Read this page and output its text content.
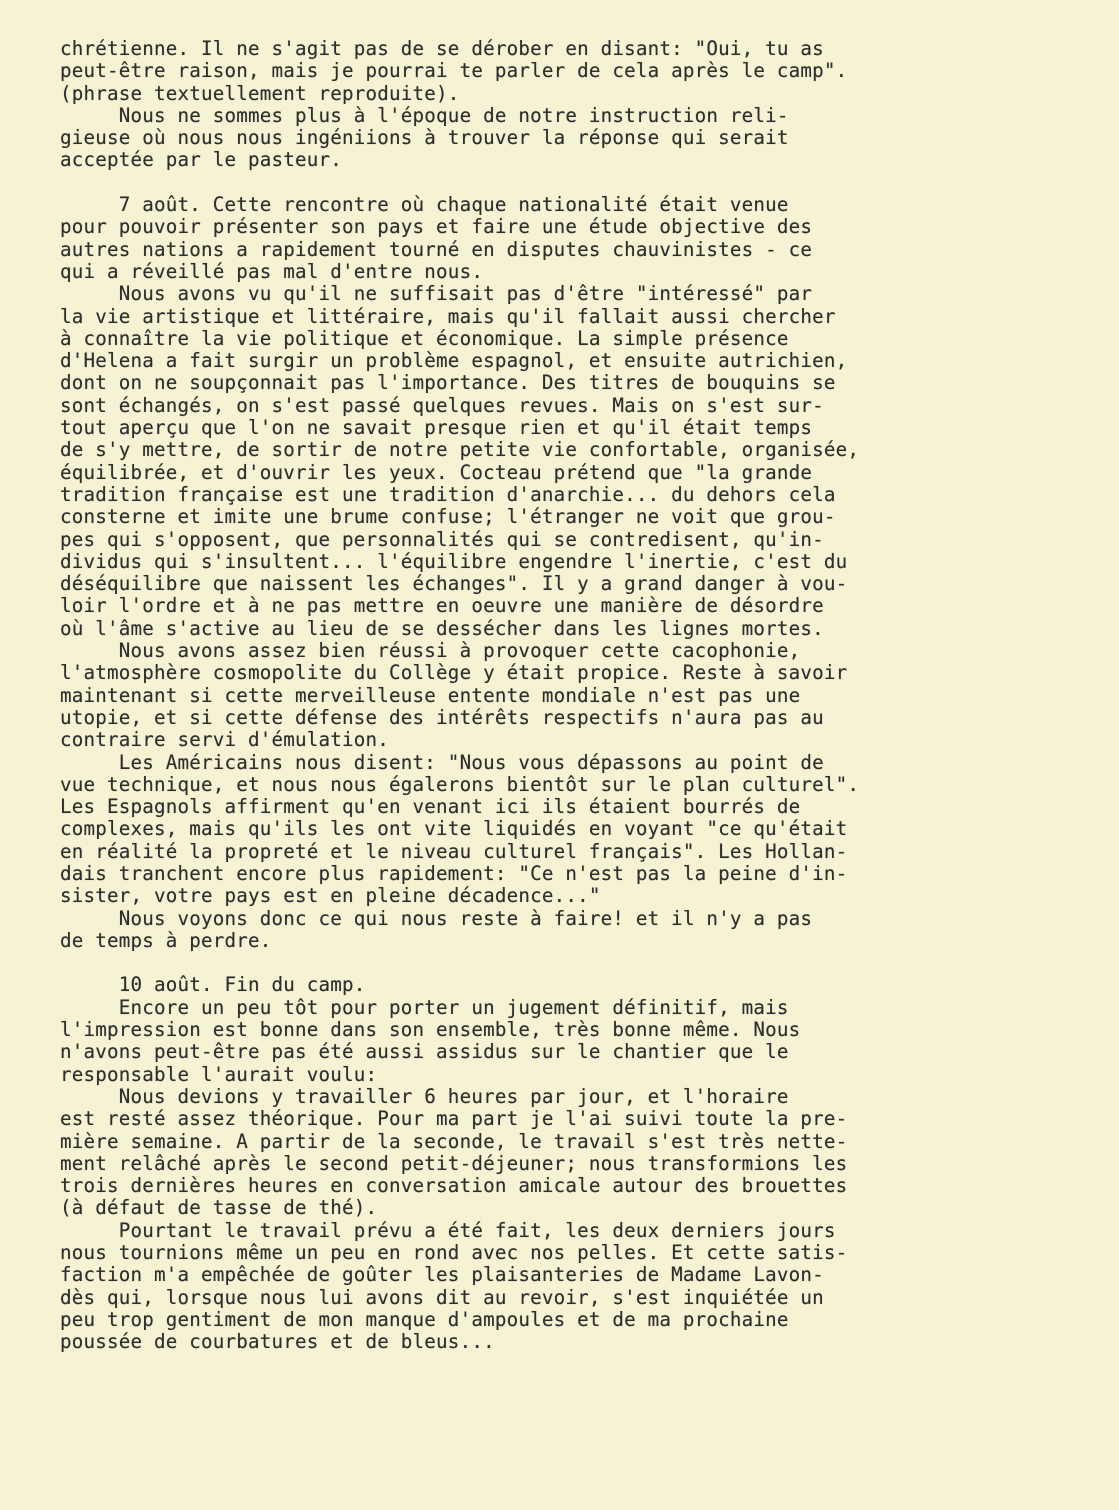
chrétienne. Il ne s'agit pas de se dérober en disant: "Oui, tu as
peut-être raison, mais je pourrai te parler de cela après le camp".
(phrase textuellement reproduite).
Nous ne sommes plus à l'époque de notre instruction reli-
gieuse où nous nous ingéniions à trouver la réponse qui serait
acceptée par le pasteur.

7 août. Cette rencontre où chaque nationalité était venue
pour pouvoir présenter son pays et faire une étude objective des
autres nations a rapidement tourné en disputes chauvinistes - ce
qui a réveillé pas mal d'entre nous.
Nous avons vu qu'il ne suffisait pas d'être "intéressé" par
la vie artistique et littéraire, mais qu'il fallait aussi chercher
à connaître la vie politique et économique. La simple présence
d'Helena a fait surgir un problème espagnol, et ensuite autrichien,
dont on ne soupçonnait pas l'importance. Des titres de bouquins se
sont échangés, on s'est passé quelques revues. Mais on s'est sur-
tout aperçu que l'on ne savait presque rien et qu'il était temps
de s'y mettre, de sortir de notre petite vie confortable, organisée,
équilibrée, et d'ouvrir les yeux. Cocteau prétend que "la grande
tradition française est une tradition d'anarchie... du dehors cela
consterne et imite une brume confuse; l'étranger ne voit que grou-
pes qui s'opposent, que personnalités qui se contredisent, qu'in-
dividus qui s'insultent... l'équilibre engendre l'inertie, c'est du
déséquilibre que naissent les échanges". Il y a grand danger à vou-
loir l'ordre et à ne pas mettre en oeuvre une manière de désordre
où l'âme s'active au lieu de se dessécher dans les lignes mortes.
Nous avons assez bien réussi à provoquer cette cacophonie,
l'atmosphère cosmopolite du Collège y était propice. Reste à savoir
maintenant si cette merveilleuse entente mondiale n'est pas une
utopie, et si cette défense des intérêts respectifs n'aura pas au
contraire servi d'émulation.
Les Américains nous disent: "Nous vous dépassons au point de
vue technique, et nous nous égalerons bientôt sur le plan culturel".
Les Espagnols affirment qu'en venant ici ils étaient bourrés de
complexes, mais qu'ils les ont vite liquidés en voyant "ce qu'était
en réalité la propreté et le niveau culturel français". Les Hollan-
dais tranchent encore plus rapidement: "Ce n'est pas la peine d'in-
sister, votre pays est en pleine décadence..."
Nous voyons donc ce qui nous reste à faire! et il n'y a pas
de temps à perdre.

10 août. Fin du camp.
Encore un peu tôt pour porter un jugement définitif, mais
l'impression est bonne dans son ensemble, très bonne même. Nous
n'avons peut-être pas été aussi assidus sur le chantier que le
responsable l'aurait voulu:
Nous devions y travailler 6 heures par jour, et l'horaire
est resté assez théorique. Pour ma part je l'ai suivi toute la pre-
mière semaine. A partir de la seconde, le travail s'est très nette-
ment relâché après le second petit-déjeuner; nous transformions les
trois dernières heures en conversation amicale autour des brouettes
(à défaut de tasse de thé).
Pourtant le travail prévu a été fait, les deux derniers jours
nous tournions même un peu en rond avec nos pelles. Et cette satis-
faction m'a empêchée de goûter les plaisanteries de Madame Lavon-
dès qui, lorsque nous lui avons dit au revoir, s'est inquiétée un
peu trop gentiment de mon manque d'ampoules et de ma prochaine
poussée de courbatures et de bleus...
